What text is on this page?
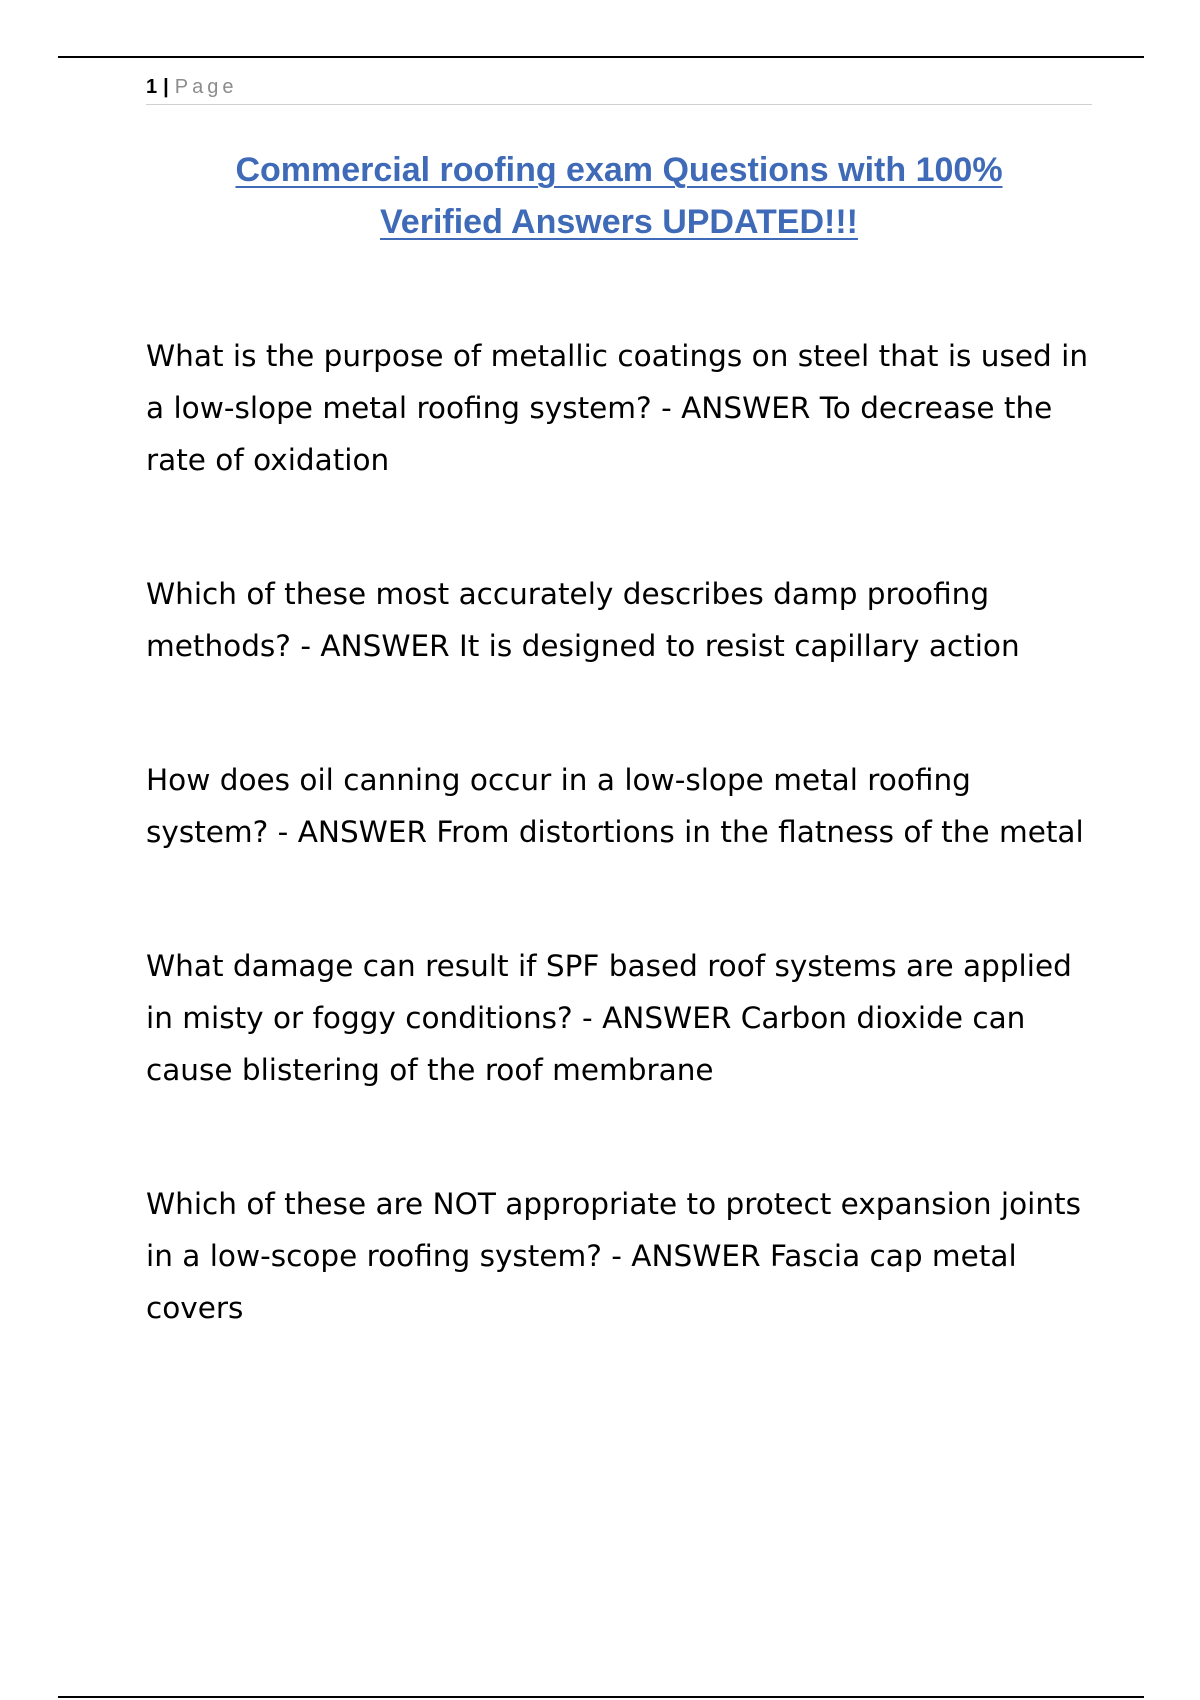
1 | Page
Commercial roofing exam Questions with 100%
Verified Answers UPDATED!!!

What is the purpose of metallic coatings on steel that is used in a low-slope metal roofing system? - ANSWER To decrease the rate of oxidation

Which of these most accurately describes damp proofing methods? - ANSWER It is designed to resist capillary action

How does oil canning occur in a low-slope metal roofing system? - ANSWER From distortions in the flatness of the metal

What damage can result if SPF based roof systems are applied in misty or foggy conditions? - ANSWER Carbon dioxide can cause blistering of the roof membrane

Which of these are NOT appropriate to protect expansion joints in a low-scope roofing system? - ANSWER Fascia cap metal covers
